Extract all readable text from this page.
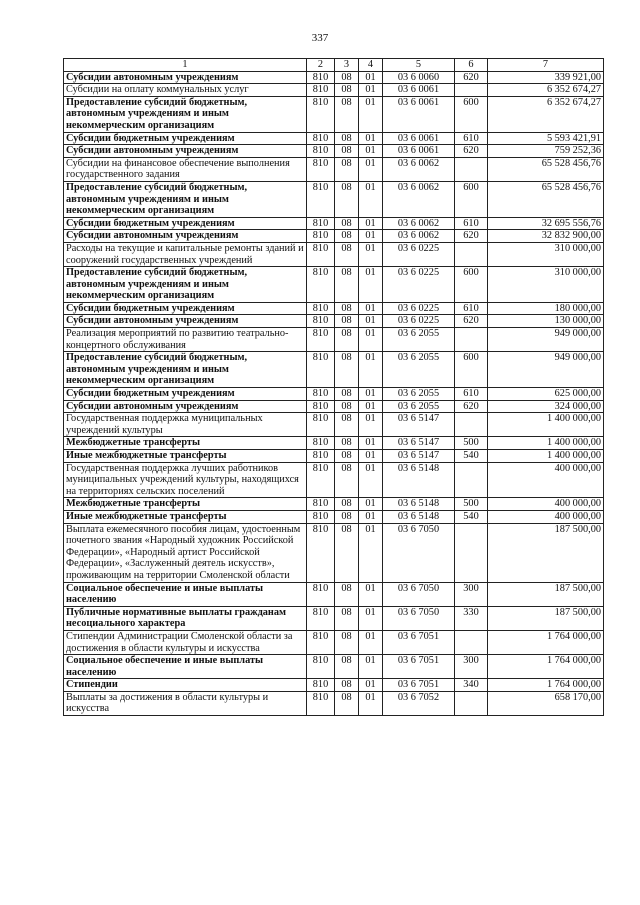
337
1	2	3	4	5	6	7
Субсидии автономным учреждениям	810	08	01	03 6 0060	620	339 921,00
Субсидии на оплату коммунальных услуг	810	08	01	03 6 0061		6 352 674,27
Предоставление субсидий бюджетным, автономным учреждениям и иным некоммерческим организациям	810	08	01	03 6 0061	600	6 352 674,27
Субсидии бюджетным учреждениям	810	08	01	03 6 0061	610	5 593 421,91
Субсидии автономным учреждениям	810	08	01	03 6 0061	620	759 252,36
Субсидии на финансовое обеспечение выполнения государственного задания	810	08	01	03 6 0062		65 528 456,76
Предоставление субсидий бюджетным, автономным учреждениям и иным некоммерческим организациям	810	08	01	03 6 0062	600	65 528 456,76
Субсидии бюджетным учреждениям	810	08	01	03 6 0062	610	32 695 556,76
Субсидии автономным учреждениям	810	08	01	03 6 0062	620	32 832 900,00
Расходы на текущие и капитальные ремонты зданий и сооружений государственных учреждений	810	08	01	03 6 0225		310 000,00
Предоставление субсидий бюджетным, автономным учреждениям и иным некоммерческим организациям	810	08	01	03 6 0225	600	310 000,00
Субсидии бюджетным учреждениям	810	08	01	03 6 0225	610	180 000,00
Субсидии автономным учреждениям	810	08	01	03 6 0225	620	130 000,00
Реализация мероприятий по развитию театрально-концертного обслуживания	810	08	01	03 6 2055		949 000,00
Предоставление субсидий бюджетным, автономным учреждениям и иным некоммерческим организациям	810	08	01	03 6 2055	600	949 000,00
Субсидии бюджетным учреждениям	810	08	01	03 6 2055	610	625 000,00
Субсидии автономным учреждениям	810	08	01	03 6 2055	620	324 000,00
Государственная поддержка муниципальных учреждений культуры	810	08	01	03 6 5147		1 400 000,00
Межбюджетные трансферты	810	08	01	03 6 5147	500	1 400 000,00
Иные межбюджетные трансферты	810	08	01	03 6 5147	540	1 400 000,00
Государственная поддержка лучших работников муниципальных учреждений культуры, находящихся на территориях сельских поселений	810	08	01	03 6 5148		400 000,00
Межбюджетные трансферты	810	08	01	03 6 5148	500	400 000,00
Иные межбюджетные трансферты	810	08	01	03 6 5148	540	400 000,00
Выплата ежемесячного пособия лицам, удостоенным почетного звания «Народный художник Российской Федерации», «Народный артист Российской Федерации», «Заслуженный деятель искусств», проживающим на территории Смоленской области	810	08	01	03 6 7050		187 500,00
Социальное обеспечение и иные выплаты населению	810	08	01	03 6 7050	300	187 500,00
Публичные нормативные выплаты гражданам несоциального характера	810	08	01	03 6 7050	330	187 500,00
Стипендии Администрации Смоленской области за достижения в области культуры и искусства	810	08	01	03 6 7051		1 764 000,00
Социальное обеспечение и иные выплаты населению	810	08	01	03 6 7051	300	1 764 000,00
Стипендии	810	08	01	03 6 7051	340	1 764 000,00
Выплаты за достижения в области культуры и искусства	810	08	01	03 6 7052		658 170,00
